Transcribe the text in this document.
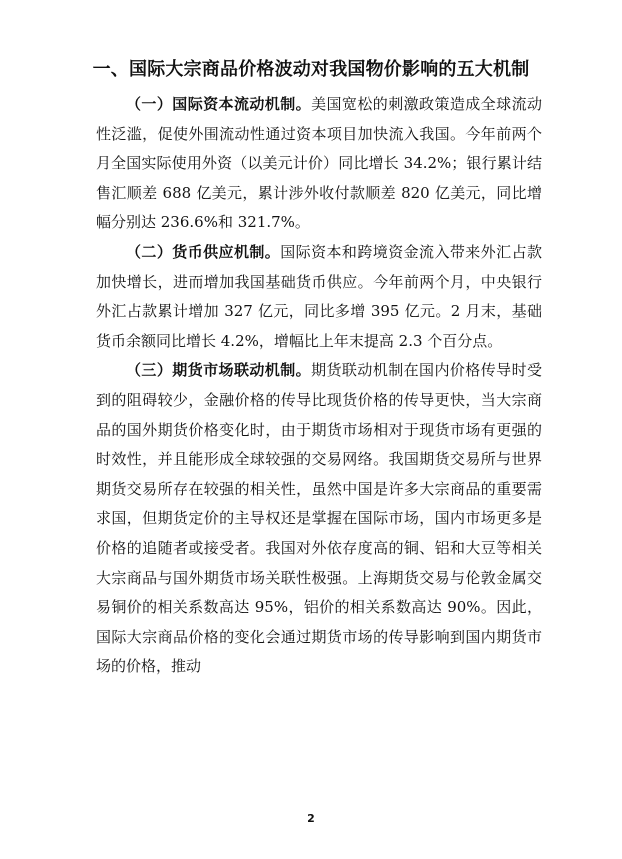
一、国际大宗商品价格波动对我国物价影响的五大机制

（一）国际资本流动机制。美国宽松的刺激政策造成全球流动性泛滥，促使外围流动性通过资本项目加快流入我国。今年前两个月全国实际使用外资（以美元计价）同比增长 34.2%；银行累计结售汇顺差 688 亿美元，累计涉外收付款顺差 820 亿美元，同比增幅分别达 236.6%和 321.7%。

（二）货币供应机制。国际资本和跨境资金流入带来外汇占款加快增长，进而增加我国基础货币供应。今年前两个月，中央银行外汇占款累计增加 327 亿元，同比多增 395 亿元。2 月末，基础货币余额同比增长 4.2%，增幅比上年末提高 2.3 个百分点。

（三）期货市场联动机制。期货联动机制在国内价格传导时受到的阻碍较少，金融价格的传导比现货价格的传导更快，当大宗商品的国外期货价格变化时，由于期货市场相对于现货市场有更强的时效性，并且能形成全球较强的交易网络。我国期货交易所与世界期货交易所存在较强的相关性，虽然中国是许多大宗商品的重要需求国，但期货定价的主导权还是掌握在国际市场，国内市场更多是价格的追随者或接受者。我国对外依存度高的铜、铝和大豆等相关大宗商品与国外期货市场关联性极强。上海期货交易与伦敦金属交易铜价的相关系数高达 95%，铝价的相关系数高达 90%。因此，国际大宗商品价格的变化会通过期货市场的传导影响到国内期货市场的价格，推动

2
